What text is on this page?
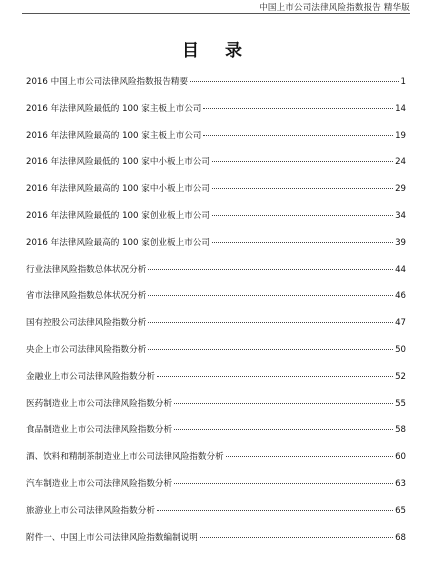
中国上市公司法律风险指数报告 精华版
目 录
2016 中国上市公司法律风险指数报告精要	1
2016 年法律风险最低的 100 家主板上市公司	14
2016 年法律风险最高的 100 家主板上市公司	19
2016 年法律风险最低的 100 家中小板上市公司	24
2016 年法律风险最高的 100 家中小板上市公司	29
2016 年法律风险最低的 100 家创业板上市公司	34
2016 年法律风险最高的 100 家创业板上市公司	39
行业法律风险指数总体状况分析	44
省市法律风险指数总体状况分析	46
国有控股公司法律风险指数分析	47
央企上市公司法律风险指数分析	50
金融业上市公司法律风险指数分析	52
医药制造业上市公司法律风险指数分析	55
食品制造业上市公司法律风险指数分析	58
酒、饮料和精制茶制造业上市公司法律风险指数分析	60
汽车制造业上市公司法律风险指数分析	63
旅游业上市公司法律风险指数分析	65
附件一、中国上市公司法律风险指数编制说明	68
